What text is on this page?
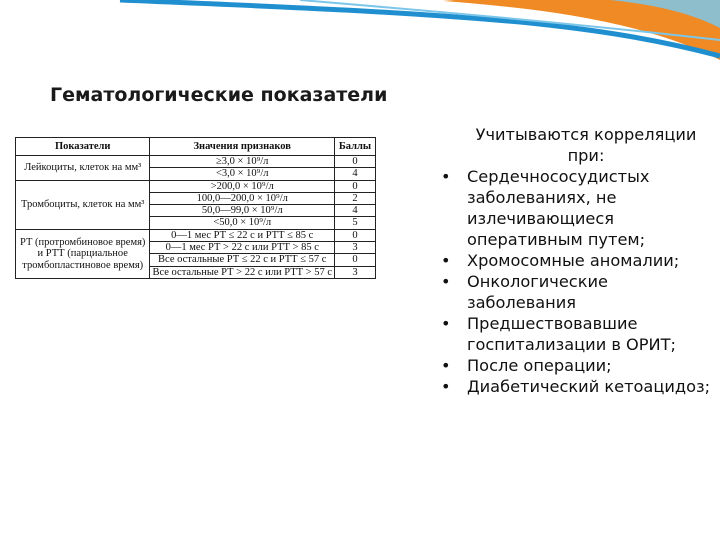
Гематологические показатели
Показатели	Значения признаков	Баллы
Лейкоциты, клеток на мм³	≥3,0 × 10⁹/л	0
	<3,0 × 10⁹/л	4
Тромбоциты, клеток на мм³	>200,0 × 10⁹/л	0
	100,0—200,0 × 10⁹/л	2
	50,0—99,0 × 10⁹/л	4
	<50,0 × 10⁹/л	5
РТ (протромбиновое время) и РТТ (парциальное тромбопластиновое время)	0—1 мес РТ ≤ 22 с и РТТ ≤ 85 с	0
	0—1 мес РТ > 22 с или РТТ > 85 с	3
	Все остальные РТ ≤ 22 с и РТТ ≤ 57 с	0
	Все остальные РТ > 22 с или РТТ > 57 с	3
Учитываются корреляции при:
•	Сердечнососудистых заболеваниях, не излечивающиеся оперативным путем;
•	Хромосомные аномалии;
•	Онкологические заболевания
•	Предшествовавшие госпитализации в ОРИТ;
•	После операции;
•	Диабетический кетоацидоз;
